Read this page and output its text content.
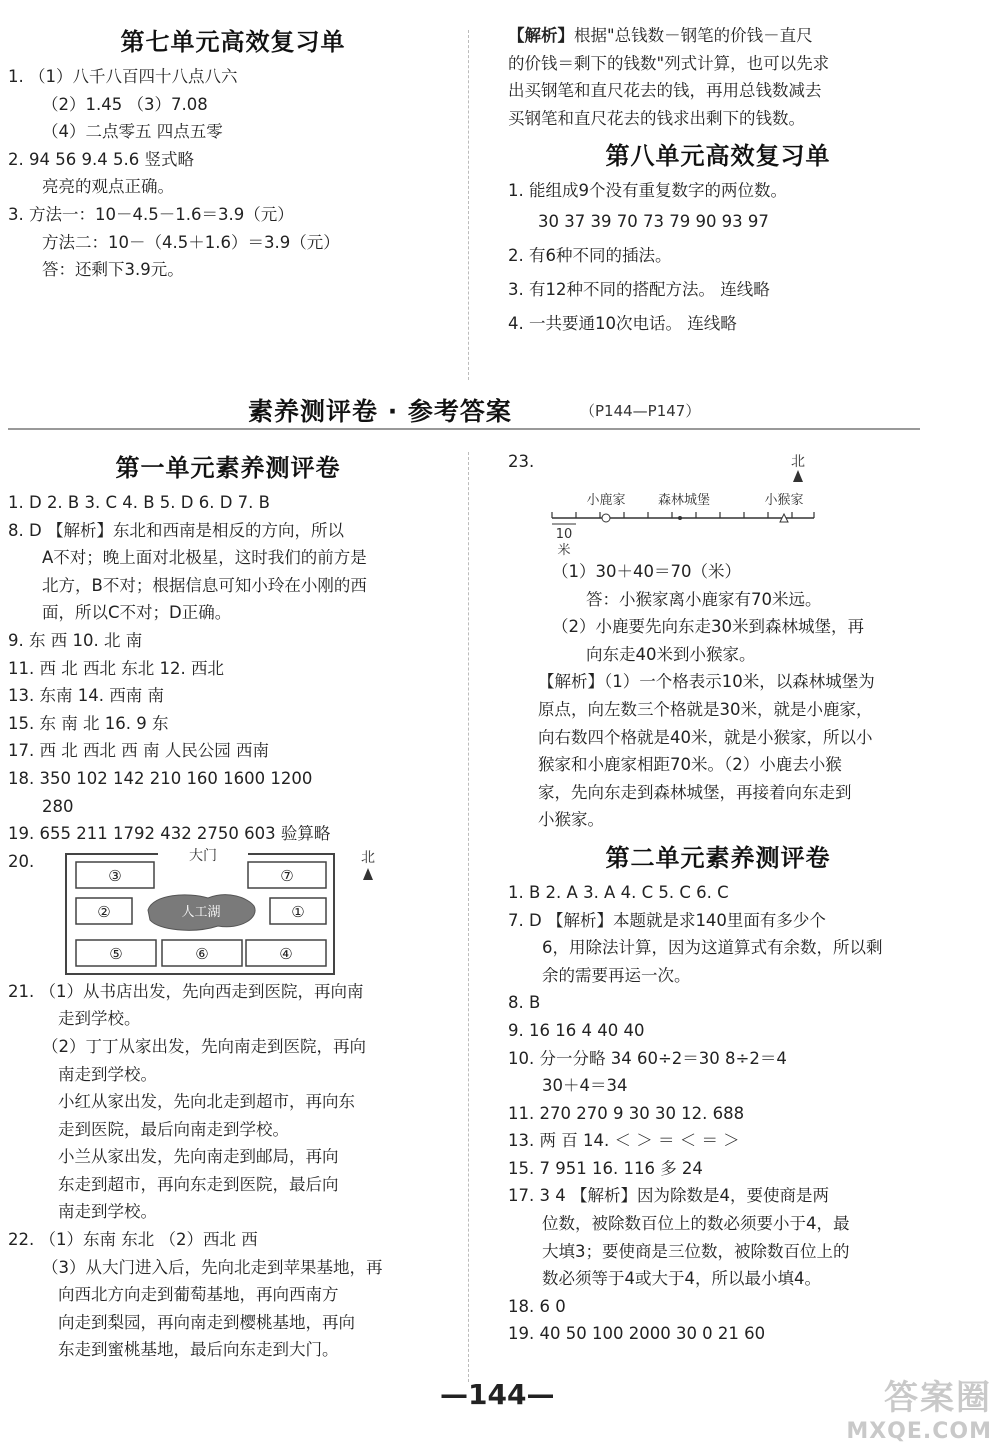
第七单元高效复习单
1. （1）八千八百四十八点八六
（2）1.45 （3）7.08
（4）二点零五 四点五零
2. 94 56 9.4 5.6 竖式略
亮亮的观点正确。
3. 方法一：10－4.5－1.6＝3.9（元）
方法二：10－（4.5＋1.6）＝3.9（元）
答：还剩下3.9元。
【解析】根据"总钱数－钢笔的价钱－直尺
的价钱＝剩下的钱数"列式计算，也可以先求
出买钢笔和直尺花去的钱，再用总钱数减去
买钢笔和直尺花去的钱求出剩下的钱数。
第八单元高效复习单
1. 能组成9个没有重复数字的两位数。
30 37 39 70 73 79 90 93 97
2. 有6种不同的插法。
3. 有12种不同的搭配方法。 连线略
4. 一共要通10次电话。 连线略
素养测评卷 · 参考答案	（P144—P147）
第一单元素养测评卷
1. D 2. B 3. C 4. B 5. D 6. D 7. B
8. D 【解析】东北和西南是相反的方向，所以
A不对；晚上面对北极星，这时我们的前方是
北方，B不对；根据信息可知小玲在小刚的西
面，所以C不对；D正确。
9. 东 西 10. 北 南
11. 西 北 西北 东北 12. 西北
13. 东南 14. 西南 南
15. 东 南 北 16. 9 东
17. 西 北 西北 西 南 人民公园 西南
18. 350 102 142 210 160 1600 1200
280
19. 655 211 1792 432 2750 603 验算略
20.	大门
③	⑦
②	人工湖	①
⑤	⑥	④
北
21. （1）从书店出发，先向西走到医院，再向南
走到学校。
（2）丁丁从家出发，先向南走到医院，再向
南走到学校。
小红从家出发，先向北走到超市，再向东
走到医院，最后向南走到学校。
小兰从家出发，先向南走到邮局，再向
东走到超市，再向东走到医院，最后向
南走到学校。
22. （1）东南 东北 （2）西北 西
（3）从大门进入后，先向北走到苹果基地，再
向西北方向走到葡萄基地，再向西南方
向走到梨园，再向南走到樱桃基地，再向
东走到蜜桃基地，最后向东走到大门。
23.	北
小鹿家 森林城堡	小猴家
10
米
（1）30＋40＝70（米）
答：小猴家离小鹿家有70米远。
（2）小鹿要先向东走30米到森林城堡，再
向东走40米到小猴家。
【解析】（1）一个格表示10米，以森林城堡为
原点，向左数三个格就是30米，就是小鹿家，
向右数四个格就是40米，就是小猴家，所以小
猴家和小鹿家相距70米。（2）小鹿去小猴
家，先向东走到森林城堡，再接着向东走到
小猴家。
第二单元素养测评卷
1. B 2. A 3. A 4. C 5. C 6. C
7. D 【解析】本题就是求140里面有多少个
6，用除法计算，因为这道算式有余数，所以剩
余的需要再运一次。
8. B
9. 16 16 4 40 40
10. 分一分略 34 60÷2＝30 8÷2＝4
30＋4＝34
11. 270 270 9 30 30 12. 688
13. 两 百 14. ＜ ＞ ＝ ＜ ＝ ＞
15. 7 951 16. 116 多 24
17. 3 4 【解析】因为除数是4，要使商是两
位数，被除数百位上的数必须要小于4，最
大填3；要使商是三位数，被除数百位上的
数必须等于4或大于4，所以最小填4。
18. 6 0
19. 40 50 100 2000 30 0 21 60
—144—	答案圈
MXQE.COM
